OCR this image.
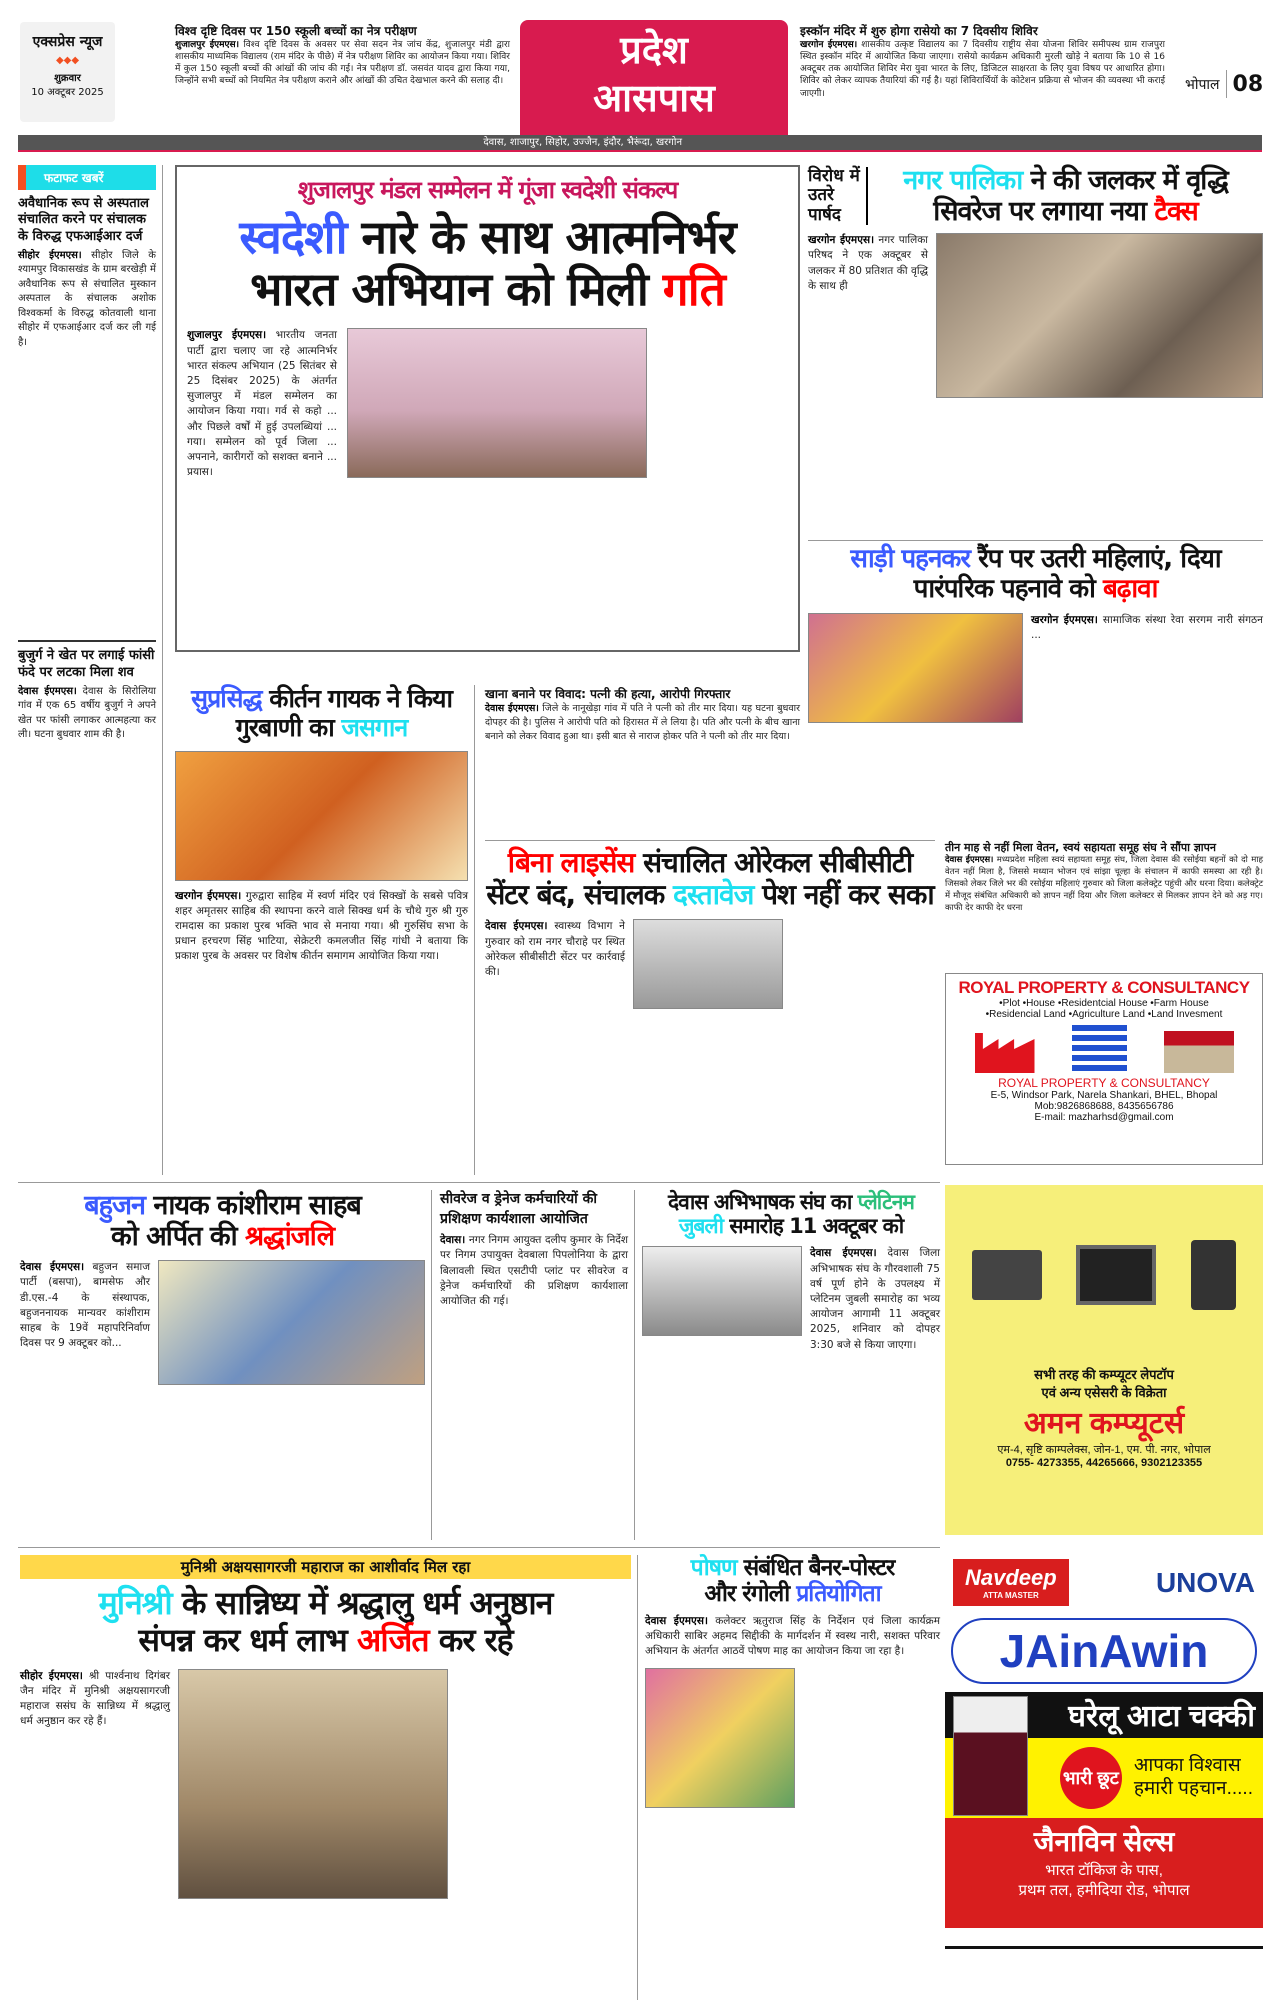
एक्सप्रेस न्यूज
◆◆◆
शुक्रवार
10 अक्टूबर 2025
विश्व दृष्टि दिवस पर 150 स्कूली बच्चों का नेत्र परीक्षण
शुजालपुर ईएमएस। विश्व दृष्टि दिवस के अवसर पर सेवा सदन नेत्र जांच केंद्र, शुजालपुर मंडी द्वारा शासकीय माध्यमिक विद्यालय (राम मंदिर के पीछे) में नेत्र परीक्षण शिविर का आयोजन किया गया। शिविर में कुल 150 स्कूली बच्चों की आंखों की जांच की गई। नेत्र परीक्षण डॉ. जसवंत यादव द्वारा किया गया, जिन्होंने सभी बच्चों को नियमित नेत्र परीक्षण कराने और आंखों की उचित देखभाल करने की सलाह दी।
प्रदेश
आसपास
इस्कॉन मंदिर में शुरु होगा रासेयो का 7 दिवसीय शिविर
खरगोन ईएमएस। शासकीय उत्कृष्ट विद्यालय का 7 दिवसीय राष्ट्रीय सेवा योजना शिविर समीपस्थ ग्राम राजपुरा स्थित इस्कॉन मंदिर में आयोजित किया जाएगा। रासेयो कार्यक्रम अधिकारी मुरली खोड़े ने बताया कि 10 से 16 अक्टूबर तक आयोजित शिविर मेरा युवा भारत के लिए, डिजिटल साक्षरता के लिए युवा विषय पर आधारित होगा। शिविर को लेकर व्यापक तैयारियां की गई है। यहां शिविरार्थियों के कोटेशन प्रक्रिया से भोजन की व्यवस्था भी कराई जाएगी।
भोपाल 08
देवास, शाजापुर, सिहोर, उज्जैन, इंदौर, भैरूंदा, खरगोन
फटाफट खबरें
अवैधानिक रूप से अस्पताल संचालित करने पर संचालक के विरुद्ध एफआईआर दर्ज
सीहोर ईएमएस। सीहोर जिले के श्यामपुर विकासखंड के ग्राम बरखेड़ी में अवैधानिक रूप से संचालित मुस्कान अस्पताल के संचालक अशोक विश्वकर्मा के विरुद्ध कोतवाली थाना सीहोर में एफआईआर दर्ज कर ली गई है।
बुजुर्ग ने खेत पर लगाई फांसी फंदे पर लटका मिला शव
देवास ईएमएस। देवास के सिरोलिया गांव में एक 65 वर्षीय बुजुर्ग ने अपने खेत पर फांसी लगाकर आत्महत्या कर ली। घटना बुधवार शाम की है।
शुजालपुर मंडल सम्मेलन में गूंजा स्वदेशी संकल्प
स्वदेशी नारे के साथ आत्मनिर्भर
भारत अभियान को मिली गति
शुजालपुर ईएमएस। भारतीय जनता पार्टी द्वारा चलाए जा रहे आत्मनिर्भर भारत संकल्प अभियान (25 सितंबर से 25 दिसंबर 2025) के अंतर्गत सुजालपुर में मंडल सम्मेलन का आयोजन किया गया। गर्व से कहो ... और पिछले वर्षों में हुई उपलब्धियां ... गया। सम्मेलन को पूर्व जिला ... अपनाने, कारीगरों को सशक्त बनाने ... प्रयास।
विरोध में उतरे पार्षद
नगर पालिका ने की जलकर में वृद्धि
सिवरेज पर लगाया नया टैक्स
खरगोन ईएमएस। नगर पालिका परिषद ने एक अक्टूबर से जलकर में 80 प्रतिशत की वृद्धि के साथ ही
साड़ी पहनकर रैंप पर उतरी महिलाएं, दिया
पारंपरिक पहनावे को बढ़ावा
खरगोन ईएमएस। सामाजिक संस्था रेवा सरगम नारी संगठन ...
सुप्रसिद्ध कीर्तन गायक ने किया
गुरबाणी का जसगान
खरगोन ईएमएस। गुरुद्वारा साहिब में स्वर्ण मंदिर एवं सिक्खों के सबसे पवित्र शहर अमृतसर साहिब की स्थापना करने वाले सिक्ख धर्म के चौथे गुरु श्री गुरु रामदास का प्रकाश पुरब भक्ति भाव से मनाया गया। श्री गुरुसिंघ सभा के प्रधान हरचरण सिंह भाटिया, सेक्रेटरी कमलजीत सिंह गांधी ने बताया कि प्रकाश पुरब के अवसर पर विशेष कीर्तन समागम आयोजित किया गया।
खाना बनाने पर विवाद: पत्नी की हत्या, आरोपी गिरफ्तार
देवास ईएमएस। जिले के नानूखेड़ा गांव में पति ने पत्नी को तीर मार दिया। यह घटना बुधवार दोपहर की है। पुलिस ने आरोपी पति को हिरासत में ले लिया है। पति और पत्नी के बीच खाना बनाने को लेकर विवाद हुआ था। इसी बात से नाराज होकर पति ने पत्नी को तीर मार दिया।
बिना लाइसेंस संचालित ओरेकल सीबीसीटी
सेंटर बंद, संचालक दस्तावेज पेश नहीं कर सका
देवास ईएमएस। स्वास्थ्य विभाग ने गुरुवार को राम नगर चौराहे पर स्थित ओरेकल सीबीसीटी सेंटर पर कार्रवाई की।
तीन माह से नहीं मिला वेतन, स्वयं सहायता समूह संघ ने सौंपा ज्ञापन
देवास ईएमएस। मध्यप्रदेश महिला स्वयं सहायता समूह संघ, जिला देवास की रसोईया बहनों को दो माह वेतन नहीं मिला है, जिससे मध्यान भोजन एवं सांझा चूल्हा के संचालन में काफी समस्या आ रही है। जिसको लेकर जिले भर की रसोईया महिलाएं गुरुवार को जिला कलेक्ट्रेट पहुंची और धरना दिया। कलेक्ट्रेट में मौजूद संबंधित अधिकारी को ज्ञापन नहीं दिया और जिला कलेक्टर से मिलकर ज्ञापन देने को अड़ गए। काफी देर काफी देर धरना
ROYAL PROPERTY & CONSULTANCY
•Plot •House •Residentcial House •Farm House
•Residencial Land •Agriculture Land •Land Invesment
ROYAL PROPERTY & CONSULTANCY
E-5, Windsor Park, Narela Shankari, BHEL, Bhopal
Mob:9826868688, 8435656786
E-mail: mazharhsd@gmail.com
बहुजन नायक कांशीराम साहब
को अर्पित की श्रद्धांजलि
देवास ईएमएस। बहुजन समाज पार्टी (बसपा), बामसेफ और डी.एस.-4 के संस्थापक, बहुजननायक मान्यवर कांशीराम साहब के 19वें महापरिनिर्वाण दिवस पर 9 अक्टूबर को...
सीवरेज व ड्रेनेज कर्मचारियों की प्रशिक्षण कार्यशाला आयोजित
देवास। नगर निगम आयुक्त दलीप कुमार के निर्देश पर निगम उपायुक्त देवबाला पिपलोनिया के द्वारा बिलावली स्थित एसटीपी प्लांट पर सीवरेज व ड्रेनेज कर्मचारियों की प्रशिक्षण कार्यशाला आयोजित की गई।
देवास अभिभाषक संघ का प्लेटिनम
जुबली समारोह 11 अक्टूबर को
देवास ईएमएस। देवास जिला अभिभाषक संघ के गौरवशाली 75 वर्ष पूर्ण होने के उपलक्ष्य में प्लेटिनम जुबली समारोह का भव्य आयोजन आगामी 11 अक्टूबर 2025, शनिवार को दोपहर 3:30 बजे से किया जाएगा।
सभी तरह की कम्प्यूटर लेपटॉप
एवं अन्य एसेसरी के विक्रेता
अमन कम्प्यूटर्स
एम-4, सृष्टि काम्पलेक्स, जोन-1, एम. पी. नगर, भोपाल
0755- 4273355, 44265666, 9302123355
मुनिश्री अक्षयसागरजी महाराज का आशीर्वाद मिल रहा
मुनिश्री के सान्निध्य में श्रद्धालु धर्म अनुष्ठान
संपन्न कर धर्म लाभ अर्जित कर रहे
सीहोर ईएमएस। श्री पार्श्वनाथ दिगंबर जैन मंदिर में मुनिश्री अक्षयसागरजी महाराज ससंघ के सान्निध्य में श्रद्धालु धर्म अनुष्ठान कर रहे हैं।
पोषण संबंधित बैनर-पोस्टर
और रंगोली प्रतियोगिता
देवास ईएमएस। कलेक्टर ऋतुराज सिंह के निर्देशन एवं जिला कार्यक्रम अधिकारी साबिर अहमद सिद्दीकी के मार्गदर्शन में स्वस्थ नारी, सशक्त परिवार अभियान के अंतर्गत आठवें पोषण माह का आयोजन किया जा रहा है।
Navdeep
ATTA MASTER	UNOVA
JAinAwin
घरेलू आटा चक्की
भारी छूट
आपका विश्वास
हमारी पहचान.....
जैनाविन सेल्स
भारत टॉकिज के पास,
प्रथम तल, हमीदिया रोड, भोपाल
